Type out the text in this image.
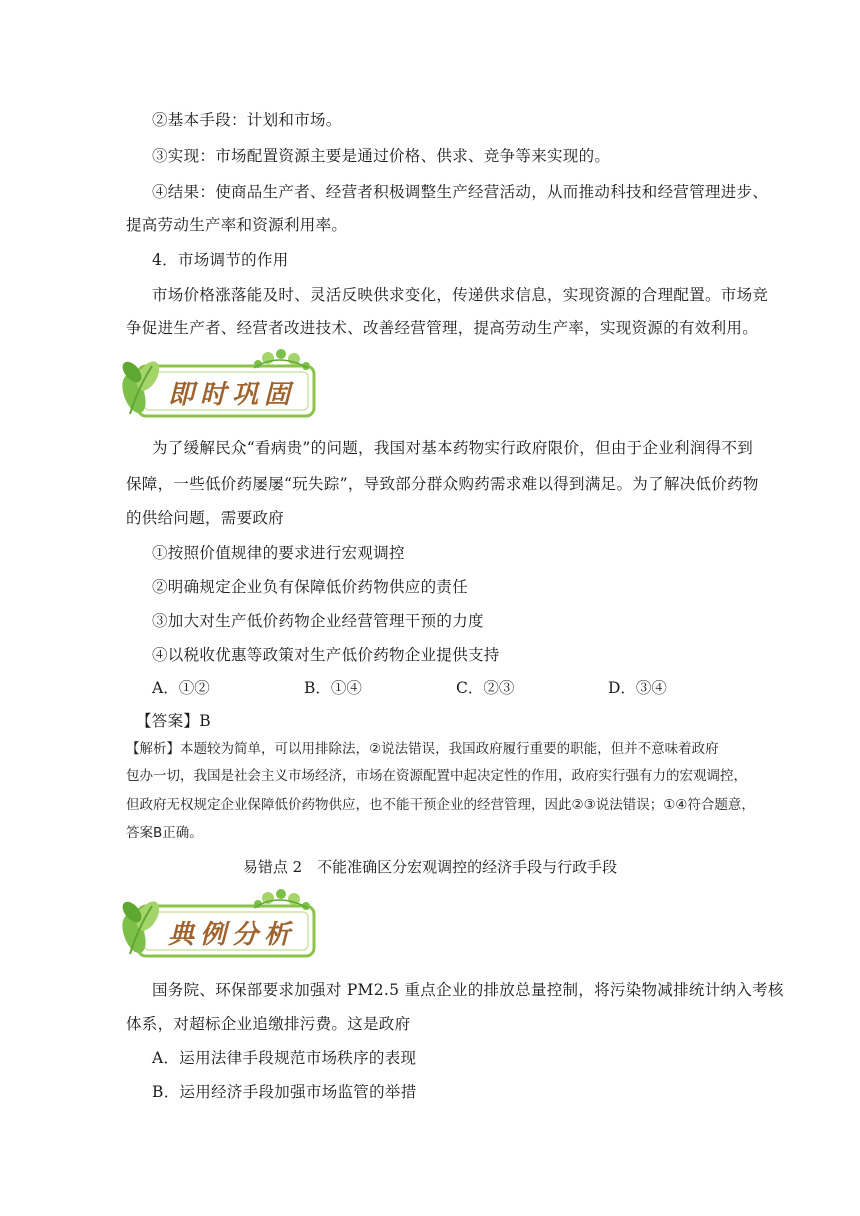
②基本手段：计划和市场。
③实现：市场配置资源主要是通过价格、供求、竞争等来实现的。
④结果：使商品生产者、经营者积极调整生产经营活动，从而推动科技和经营管理进步、
提高劳动生产率和资源利用率。
4．市场调节的作用
市场价格涨落能及时、灵活反映供求变化，传递供求信息，实现资源的合理配置。市场竞
争促进生产者、经营者改进技术、改善经营管理，提高劳动生产率，实现资源的有效利用。
即时巩固
为了缓解民众“看病贵”的问题，我国对基本药物实行政府限价，但由于企业利润得不到
保障，一些低价药屡屡“玩失踪”，导致部分群众购药需求难以得到满足。为了解决低价药物
的供给问题，需要政府
①按照价值规律的要求进行宏观调控
②明确规定企业负有保障低价药物供应的责任
③加大对生产低价药物企业经营管理干预的力度
④以税收优惠等政策对生产低价药物企业提供支持
A．①②	B．①④	C．②③	D．③④
【答案】B
【解析】本题较为简单，可以用排除法，②说法错误，我国政府履行重要的职能，但并不意味着政府
包办一切，我国是社会主义市场经济，市场在资源配置中起决定性的作用，政府实行强有力的宏观调控，
但政府无权规定企业保障低价药物供应，也不能干预企业的经营管理，因此②③说法错误；①④符合题意，
答案B正确。
易错点 2　不能准确区分宏观调控的经济手段与行政手段
典例分析
国务院、环保部要求加强对 PM2.5 重点企业的排放总量控制，将污染物减排统计纳入考核
体系，对超标企业追缴排污费。这是政府
A．运用法律手段规范市场秩序的表现
B．运用经济手段加强市场监管的举措
